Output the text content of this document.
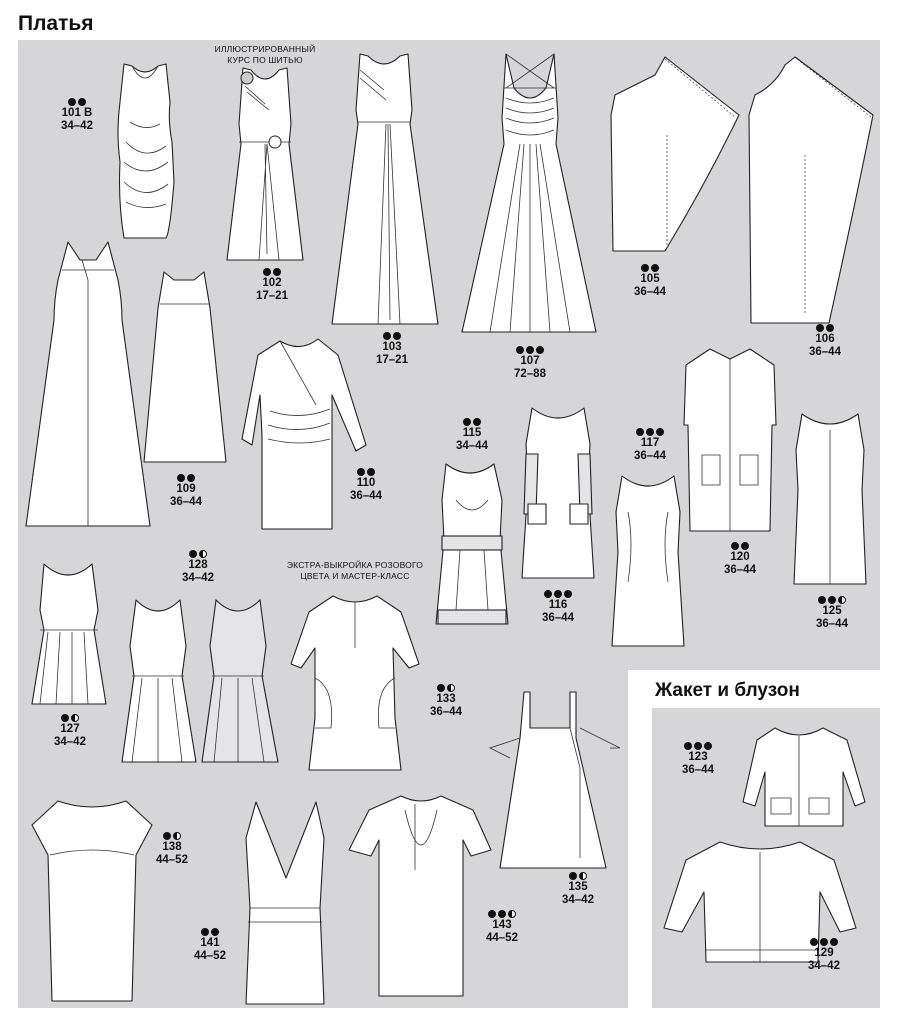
Платья
Жакет и блузон
ИЛЛЮСТРИРОВАННЫЙ КУРС ПО ШИТЬЮ
ЭКСТРА-ВЫКРОЙКА РОЗОВОГО ЦВЕТА И МАСТЕР-КЛАСС
101 B
34–42
102
17–21
103
17–21	107
72–88
105
36–44
106
36–44
109
36–44
110
36–44
115
34–44
116
36–44
117
36–44
120
36–44
125
36–44
128
34–42
127
34–42
133
36–44
138
44–52
141
44–52
143
44–52
135
34–42
123
36–44
129
34–42
